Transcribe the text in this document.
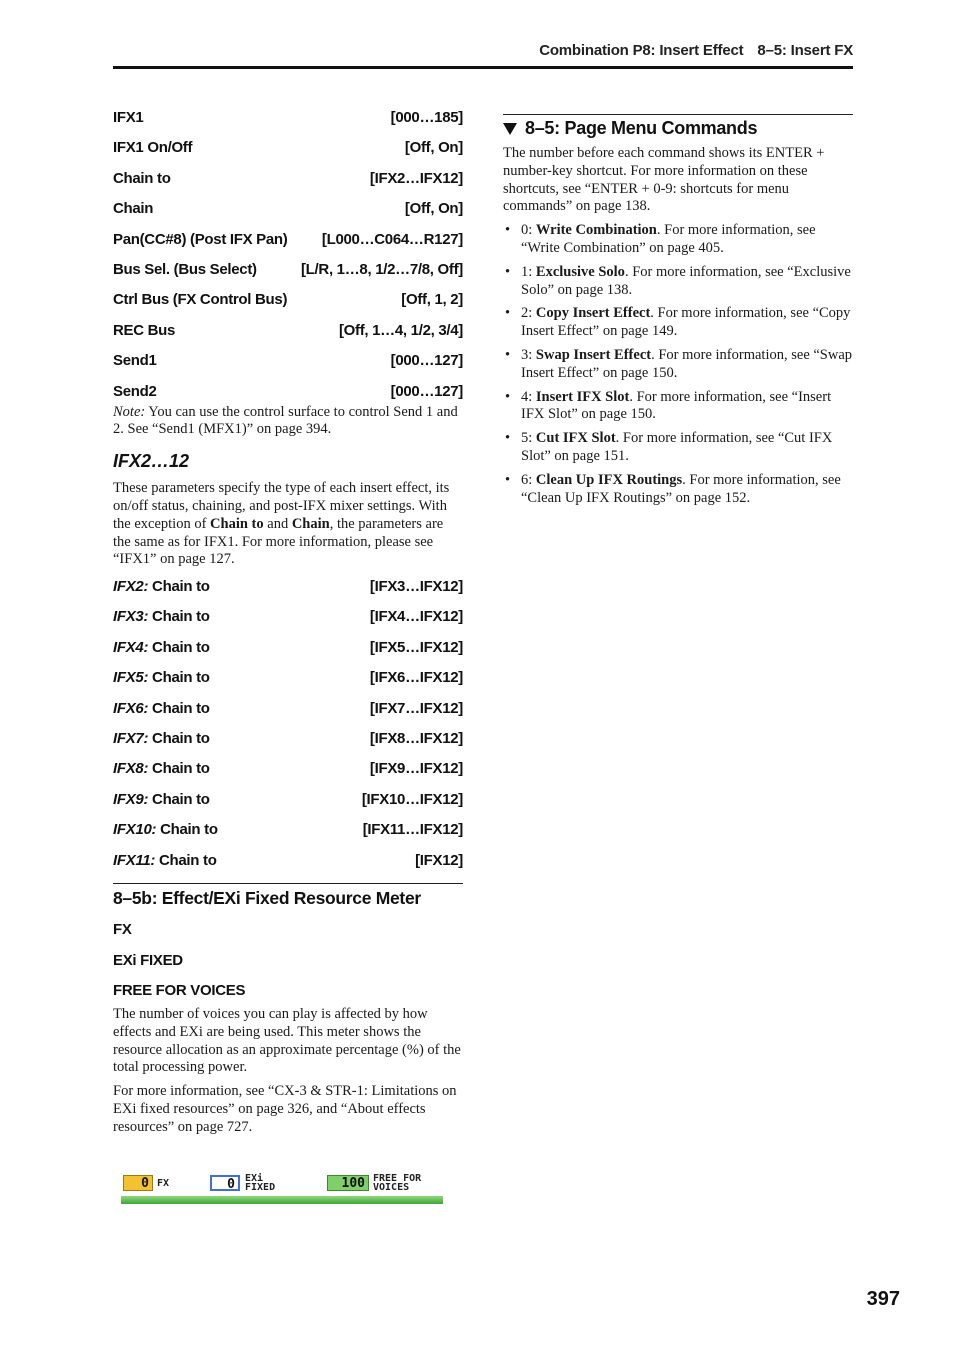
Combination P8: Insert Effect 8–5: Insert FX
IFX1	[000…185]
IFX1 On/Off	[Off, On]
Chain to	[IFX2…IFX12]
Chain	[Off, On]
Pan(CC#8) (Post IFX Pan) [L000…C064…R127]
Bus Sel. (Bus Select)	[L/R, 1…8, 1/2…7/8, Off]
Ctrl Bus (FX Control Bus)	[Off, 1, 2]
REC Bus	[Off, 1…4, 1/2, 3/4]
Send1	[000…127]
Send2	[000…127]

Note: You can use the control surface to control Send 1 and 2. See “Send1 (MFX1)” on page 394.

IFX2…12

These parameters specify the type of each insert effect, its on/off status, chaining, and post-IFX mixer settings. With the exception of Chain to and Chain, the parameters are the same as for IFX1. For more information, please see “IFX1” on page 127.

IFX2: Chain to	[IFX3…IFX12]
IFX3: Chain to	[IFX4…IFX12]
IFX4: Chain to	[IFX5…IFX12]
IFX5: Chain to	[IFX6…IFX12]
IFX6: Chain to	[IFX7…IFX12]
IFX7: Chain to	[IFX8…IFX12]
IFX8: Chain to	[IFX9…IFX12]
IFX9: Chain to	[IFX10…IFX12]
IFX10: Chain to	[IFX11…IFX12]
IFX11: Chain to	[IFX12]
8–5b: Effect/EXi Fixed Resource Meter
FX
EXi FIXED
FREE FOR VOICES

The number of voices you can play is affected by how effects and EXi are being used. This meter shows the resource allocation as an approximate percentage (%) of the total processing power.

For more information, see “CX-3 & STR-1: Limitations on EXi fixed resources” on page 326, and “About effects resources” on page 727.

0 FX	0	EXi
FIXED	100 FREE FOR
VOICES
8–5: Page Menu Commands

The number before each command shows its ENTER + number-key shortcut. For more information on these shortcuts, see “ENTER + 0-9: shortcuts for menu commands” on page 138.

• 0: Write Combination. For more information, see “Write Combination” on page 405.
• 1: Exclusive Solo. For more information, see “Exclusive Solo” on page 138.
• 2: Copy Insert Effect. For more information, see “Copy Insert Effect” on page 149.
• 3: Swap Insert Effect. For more information, see “Swap Insert Effect” on page 150.
• 4: Insert IFX Slot. For more information, see “Insert IFX Slot” on page 150.
• 5: Cut IFX Slot. For more information, see “Cut IFX Slot” on page 151.
• 6: Clean Up IFX Routings. For more information, see “Clean Up IFX Routings” on page 152.
397
